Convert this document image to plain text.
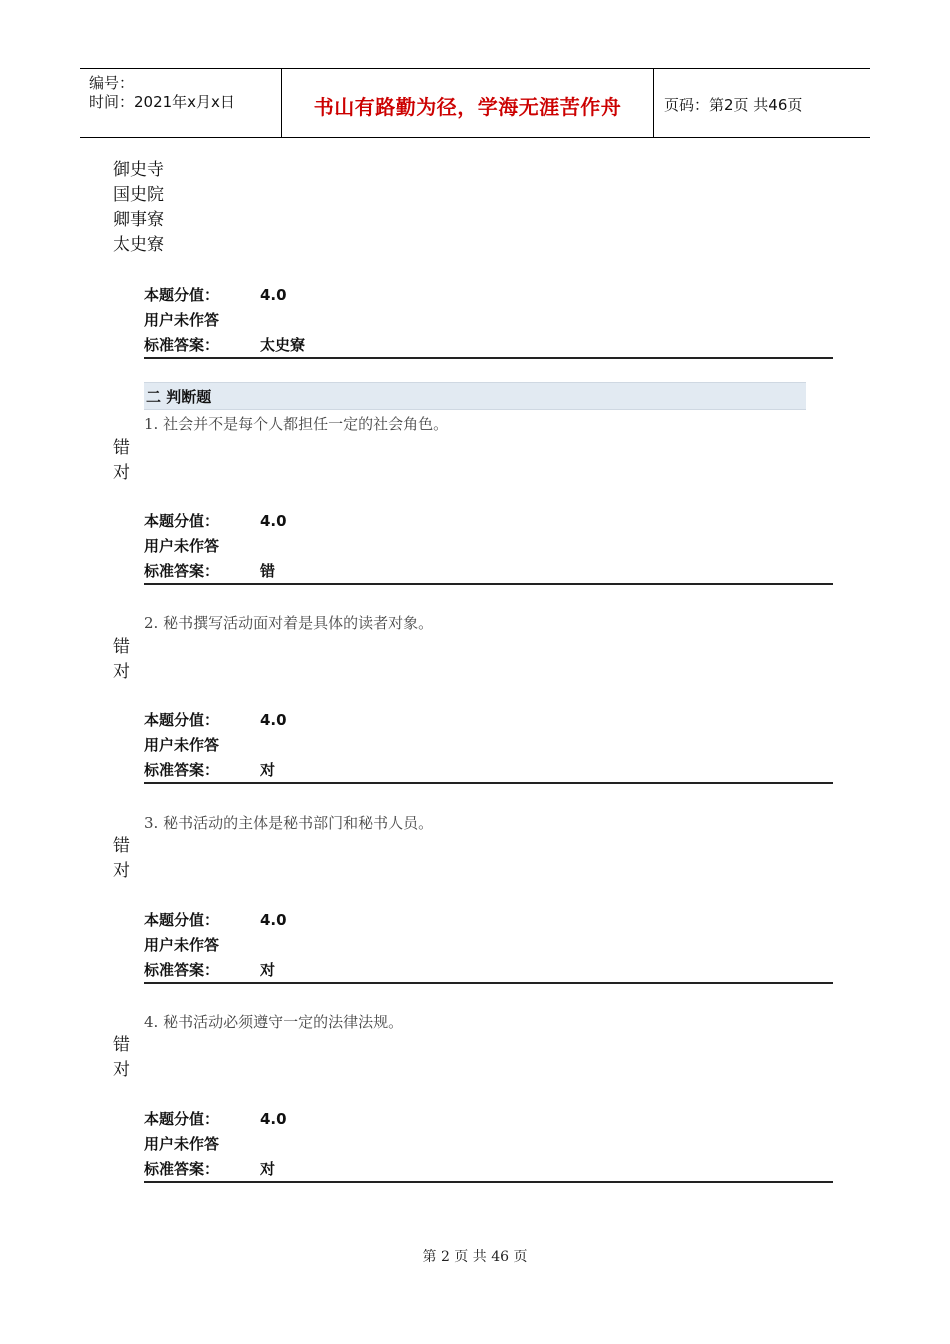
编号：
时间：2021年x月x日	书山有路勤为径，学海无涯苦作舟	页码：第2页 共46页
御史寺
国史院
卿事寮
太史寮
本题分值：	4.0
用户未作答
标准答案：	太史寮
二 判断题
1. 社会并不是每个人都担任一定的社会角色。
错
对
本题分值：	4.0
用户未作答
标准答案：	错
2. 秘书撰写活动面对着是具体的读者对象。
错
对
本题分值：	4.0
用户未作答
标准答案：	对
3. 秘书活动的主体是秘书部门和秘书人员。
错
对
本题分值：	4.0
用户未作答
标准答案：	对
4. 秘书活动必须遵守一定的法律法规。
错
对
本题分值：	4.0
用户未作答
标准答案：	对
第 2 页 共 46 页
